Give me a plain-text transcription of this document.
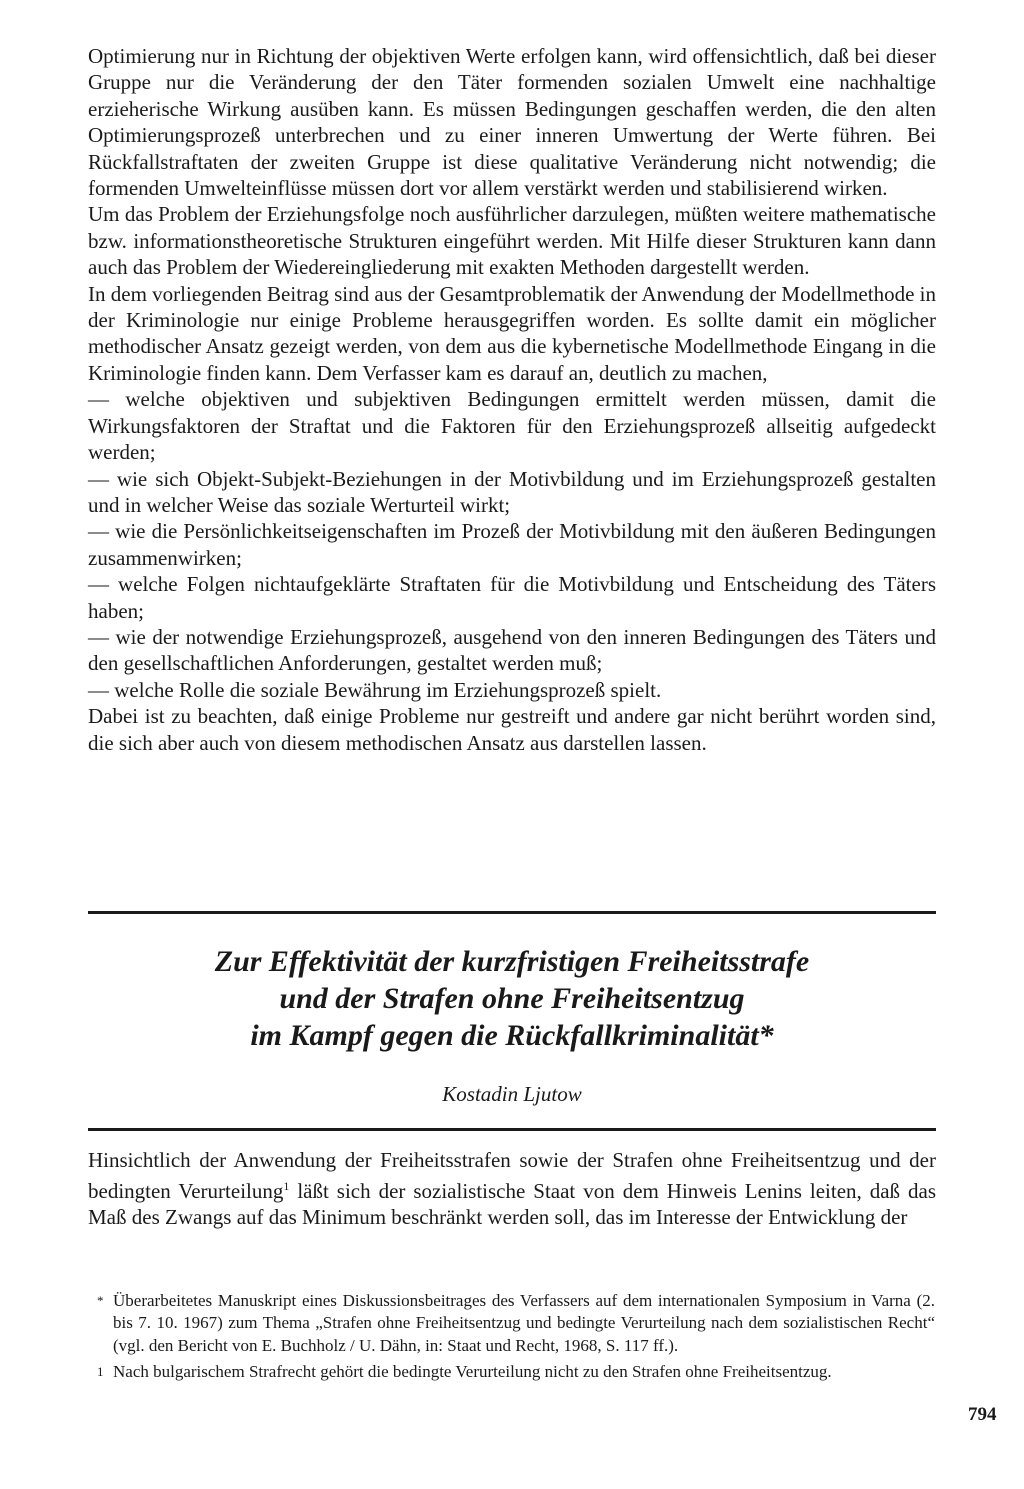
Optimierung nur in Richtung der objektiven Werte erfolgen kann, wird offensichtlich, daß bei dieser Gruppe nur die Veränderung der den Täter formenden sozialen Umwelt eine nachhaltige erzieherische Wirkung ausüben kann. Es müssen Bedingungen geschaffen werden, die den alten Optimierungsprozeß unterbrechen und zu einer inneren Umwertung der Werte führen. Bei Rückfallstraftaten der zweiten Gruppe ist diese qualitative Veränderung nicht notwendig; die formenden Umwelteinflüsse müssen dort vor allem verstärkt werden und stabilisierend wirken.

Um das Problem der Erziehungsfolge noch ausführlicher darzulegen, müßten weitere mathematische bzw. informationstheoretische Strukturen eingeführt werden. Mit Hilfe dieser Strukturen kann dann auch das Problem der Wiedereingliederung mit exakten Methoden dargestellt werden.

In dem vorliegenden Beitrag sind aus der Gesamtproblematik der Anwendung der Modellmethode in der Kriminologie nur einige Probleme herausgegriffen worden. Es sollte damit ein möglicher methodischer Ansatz gezeigt werden, von dem aus die kybernetische Modellmethode Eingang in die Kriminologie finden kann. Dem Verfasser kam es darauf an, deutlich zu machen,

— welche objektiven und subjektiven Bedingungen ermittelt werden müssen, damit die Wirkungsfaktoren der Straftat und die Faktoren für den Erziehungsprozeß allseitig aufgedeckt werden;

— wie sich Objekt-Subjekt-Beziehungen in der Motivbildung und im Erziehungsprozeß gestalten und in welcher Weise das soziale Werturteil wirkt;

— wie die Persönlichkeitseigenschaften im Prozeß der Motivbildung mit den äußeren Bedingungen zusammenwirken;

— welche Folgen nichtaufgeklärte Straftaten für die Motivbildung und Entscheidung des Täters haben;

— wie der notwendige Erziehungsprozeß, ausgehend von den inneren Bedingungen des Täters und den gesellschaftlichen Anforderungen, gestaltet werden muß;

— welche Rolle die soziale Bewährung im Erziehungsprozeß spielt.

Dabei ist zu beachten, daß einige Probleme nur gestreift und andere gar nicht berührt worden sind, die sich aber auch von diesem methodischen Ansatz aus darstellen lassen.

Zur Effektivität der kurzfristigen Freiheitsstrafe
und der Strafen ohne Freiheitsentzug
im Kampf gegen die Rückfallkriminalität*
Kostadin Ljutow

Hinsichtlich der Anwendung der Freiheitsstrafen sowie der Strafen ohne Freiheitsentzug und der bedingten Verurteilung$^1$ läßt sich der sozialistische Staat von dem Hinweis Lenins leiten, daß das Maß des Zwangs auf das Minimum beschränkt werden soll, das im Interesse der Entwicklung der

* Überarbeitetes Manuskript eines Diskussionsbeitrages des Verfassers auf dem internationalen Symposium in Varna (2. bis 7. 10. 1967) zum Thema „Strafen ohne Freiheitsentzug und bedingte Verurteilung nach dem sozialistischen Recht“ (vgl. den Bericht von E. Buchholz / U. Dähn, in: Staat und Recht, 1968, S. 117 ff.).

1 Nach bulgarischem Strafrecht gehört die bedingte Verurteilung nicht zu den Strafen ohne Freiheitsentzug.

794
